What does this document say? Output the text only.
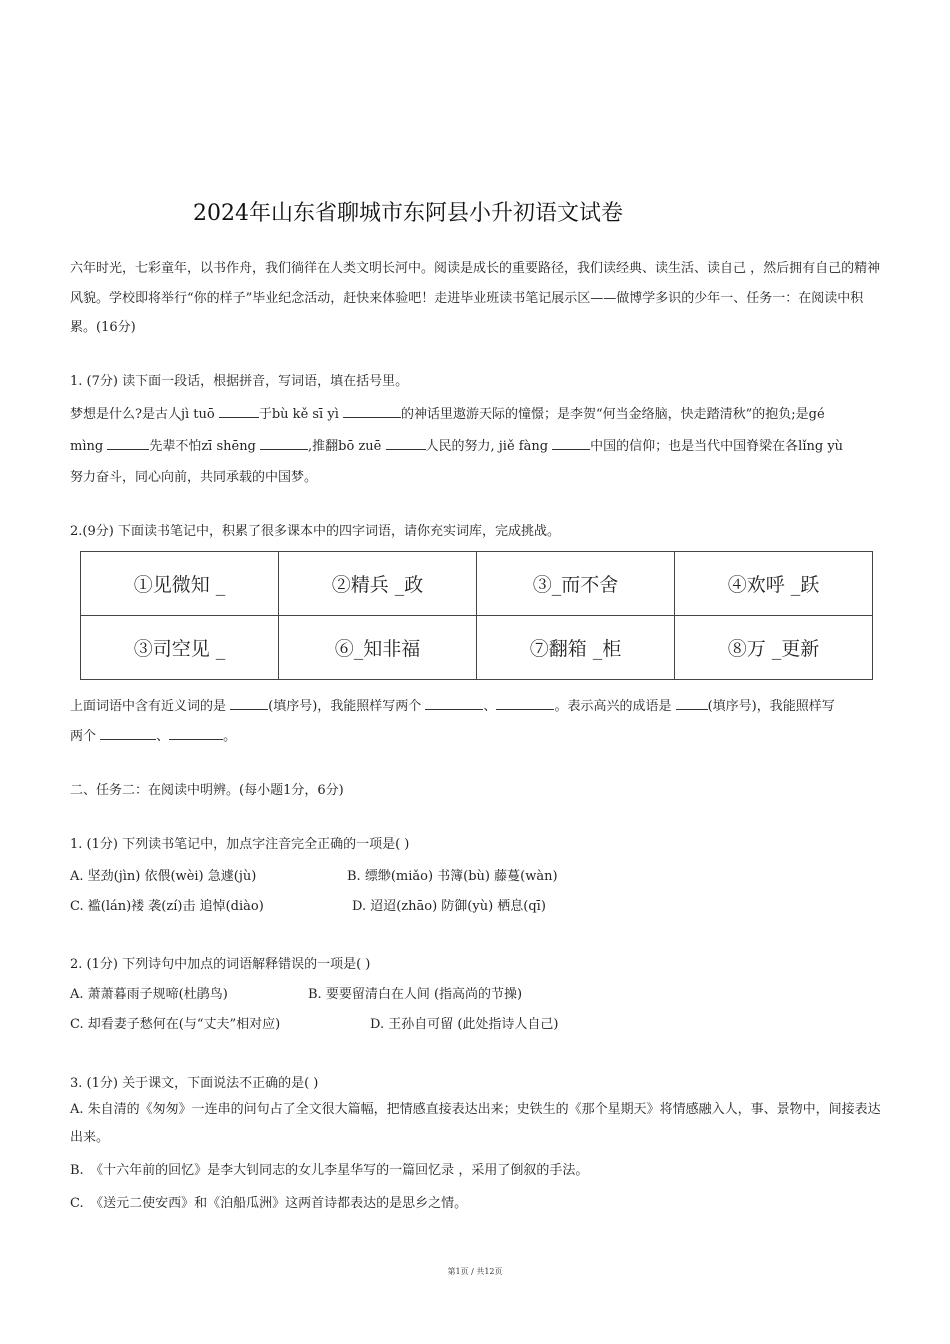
2024年山东省聊城市东阿县小升初语文试卷
六年时光，七彩童年，以书作舟，我们徜徉在人类文明长河中。阅读是成长的重要路径，我们读经典、读生活、读自己 ，然后拥有自己的精神风貌。学校即将举行“你的样子”毕业纪念活动，赶快来体验吧！走进毕业班读书笔记展示区——做博学多识的少年一、任务一：在阅读中积累。(16分)
1. (7分) 读下面一段话，根据拼音，写词语，填在括号里。
梦想是什么?是古人jì tuō	于bù kě sī yì	的神话里遨游天际的憧憬；是李贺“何当金络脑，快走踏清秋”的抱负;是gé
mìng	先辈不怕zī shēng	,推翻bō zuē	人民的努力, jiě fàng	中国的信仰；也是当代中国脊梁在各lǐng yù
努力奋斗，同心向前，共同承载的中国梦。
2.(9分) 下面读书笔记中，积累了很多课本中的四字词语，请你充实词库，完成挑战。
①见微知 _	②精兵 _政	③_而不舍	④欢呼 _跃
③司空见 _	⑥_知非福	⑦翻箱 _柜	⑧万 _更新
上面词语中含有近义词的是	(填序号)，我能照样写两个	、	。表示高兴的成语是 (填序号)，我能照样写
两个	、	。
二、任务二：在阅读中明辨。(每小题1分，6分)
1. (1分) 下列读书笔记中，加点字注音完全正确的一项是( )
A. 坚劲(jìn) 依偎(wèi) 急遽(jù)	B. 缥缈(miǎo) 书簿(bù) 藤蔓(wàn)
C. 褴(lán)褛 袭(zí)击 追悼(diào)	D. 迢迢(zhāo) 防御(yù) 栖息(qī)
2. (1分) 下列诗句中加点的词语解释错误的一项是( )
A. 萧萧暮雨子规啼(杜鹃鸟)	B. 要要留清白在人间 (指高尚的节操)
C. 却看妻子愁何在(与“丈夫”相对应)	D. 王孙自可留 (此处指诗人自己)
3. (1分) 关于课文，下面说法不正确的是( )
A. 朱自清的《匆匆》一连串的问句占了全文很大篇幅，把情感直接表达出来；史铁生的《那个星期天》将情感融入人，事、景物中，间接表达出来。
B.　《十六年前的回忆》是李大钊同志的女儿李星华写的一篇回忆录 ，采用了倒叙的手法。
C.　《送元二使安西》和《泊船瓜洲》这两首诗都表达的是思乡之情。
第1页 / 共12页
